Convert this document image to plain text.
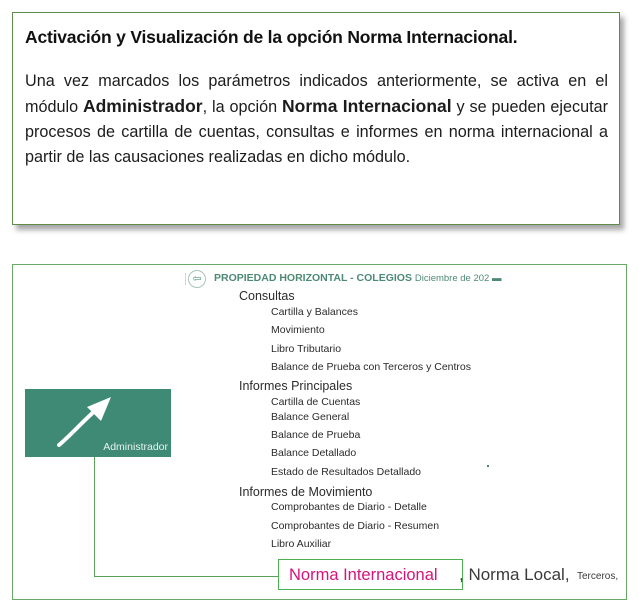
Activación y Visualización de la opción Norma Internacional.

Una vez marcados los parámetros indicados anteriormente, se activa en el módulo Administrador, la opción Norma Internacional y se pueden ejecutar procesos de cartilla de cuentas, consultas e informes en norma internacional a partir de las causaciones realizadas en dicho módulo.

⇦	PROPIEDAD HORIZONTAL - COLEGIOS Diciembre de 202 ▬
Consultas
Cartilla y Balances
Movimiento
Libro Tributario
Balance de Prueba con Terceros y Centros
Informes Principales
Cartilla de Cuentas
Balance General
Balance de Prueba
Balance Detallado
Estado de Resultados Detallado
Informes de Movimiento
Comprobantes de Diario - Detalle
Comprobantes de Diario - Resumen
Libro Auxiliar
Administrador
Norma Internacional , Norma Local, Terceros,
